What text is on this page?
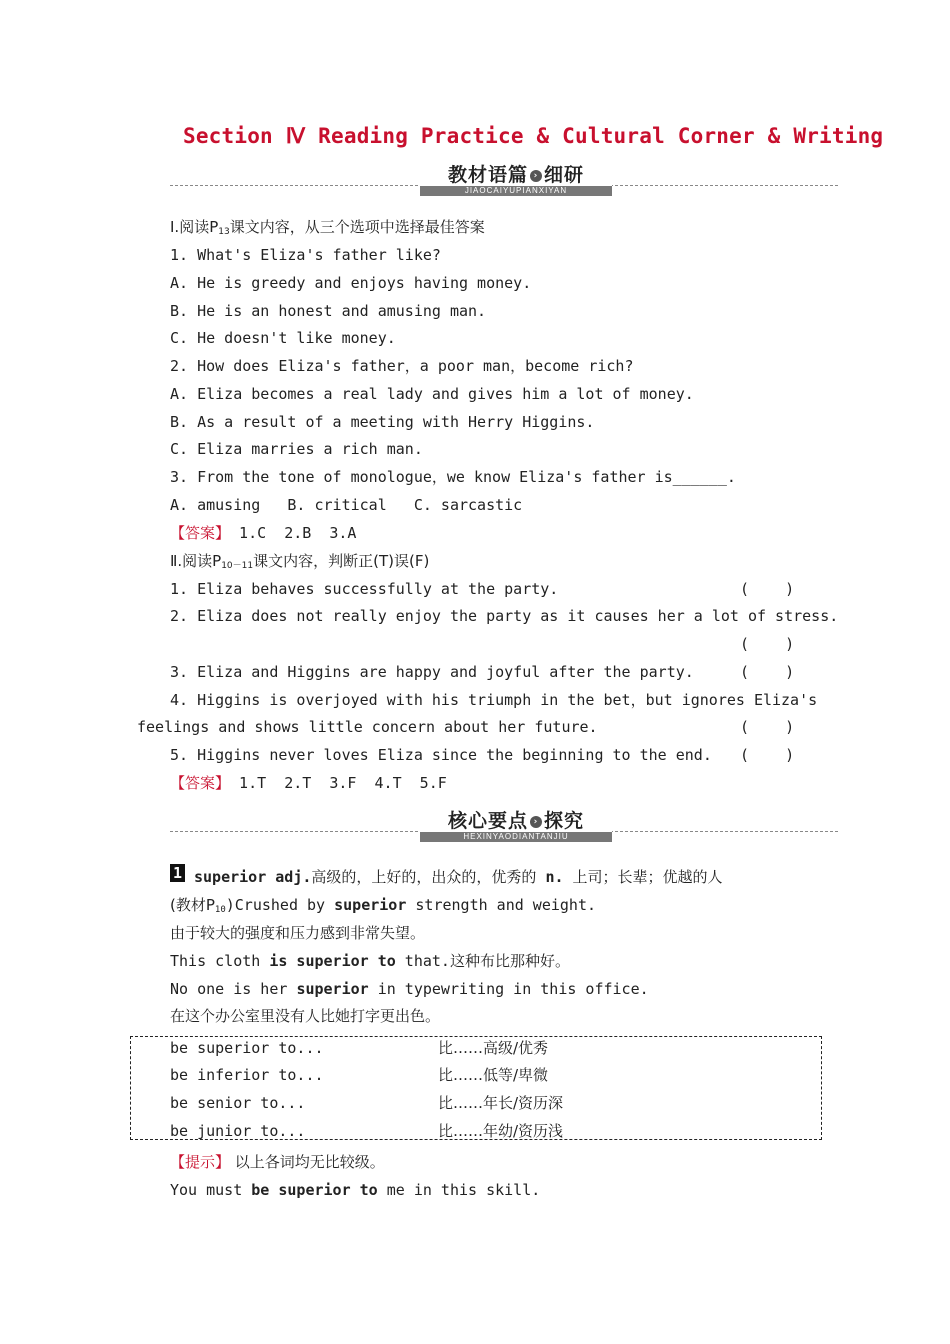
Section Ⅳ Reading Practice & Cultural Corner & Writing
教材语篇 › 细研
JIAOCAIYUPIANXIYAN
Ⅰ.阅读$P_{13}$课文内容，从三个选项中选择最佳答案
1. What's Eliza's father like?
A. He is greedy and enjoys having money.
B. He is an honest and amusing man.
C. He doesn't like money.
2. How does Eliza's father，a poor man，become rich?
A. Eliza becomes a real lady and gives him a lot of money.
B. As a result of a meeting with Herry Higgins.
C. Eliza marries a rich man.
3. From the tone of monologue，we know Eliza's father is______.
A. amusing   B. critical   C. sarcastic
【答案】 1.C  2.B  3.A
Ⅱ.阅读$P_{10-11}$课文内容，判断正(T)误(F)
1. Eliza behaves successfully at the party.	(    )
2. Eliza does not really enjoy the party as it causes her a lot of stress.
(    )
3. Eliza and Higgins are happy and joyful after the party.	(    )
4. Higgins is overjoyed with his triumph in the bet，but ignores Eliza's
feelings and shows little concern about her future.	(    )
5. Higgins never loves Eliza since the beginning to the end. (    )
【答案】 1.T  2.T  3.F  4.T  5.F
核心要点 › 探究
HEXINYAODIANTANJIU
1 superior adj.高级的，上好的，出众的，优秀的 n. 上司；长辈；优越的人
(教材$P_{10})Crushed$ by superior strength and weight.
由于较大的强度和压力感到非常失望。
This cloth is superior to that.这种布比那种好。
No one is her superior in typewriting in this office.
在这个办公室里没有人比她打字更出色。
be superior to...	比……高级/优秀
be inferior to...	比……低等/卑微
be senior to...	比……年长/资历深
be junior to...	比……年幼/资历浅
【提示】 以上各词均无比较级。
You must be superior to me in this skill.
